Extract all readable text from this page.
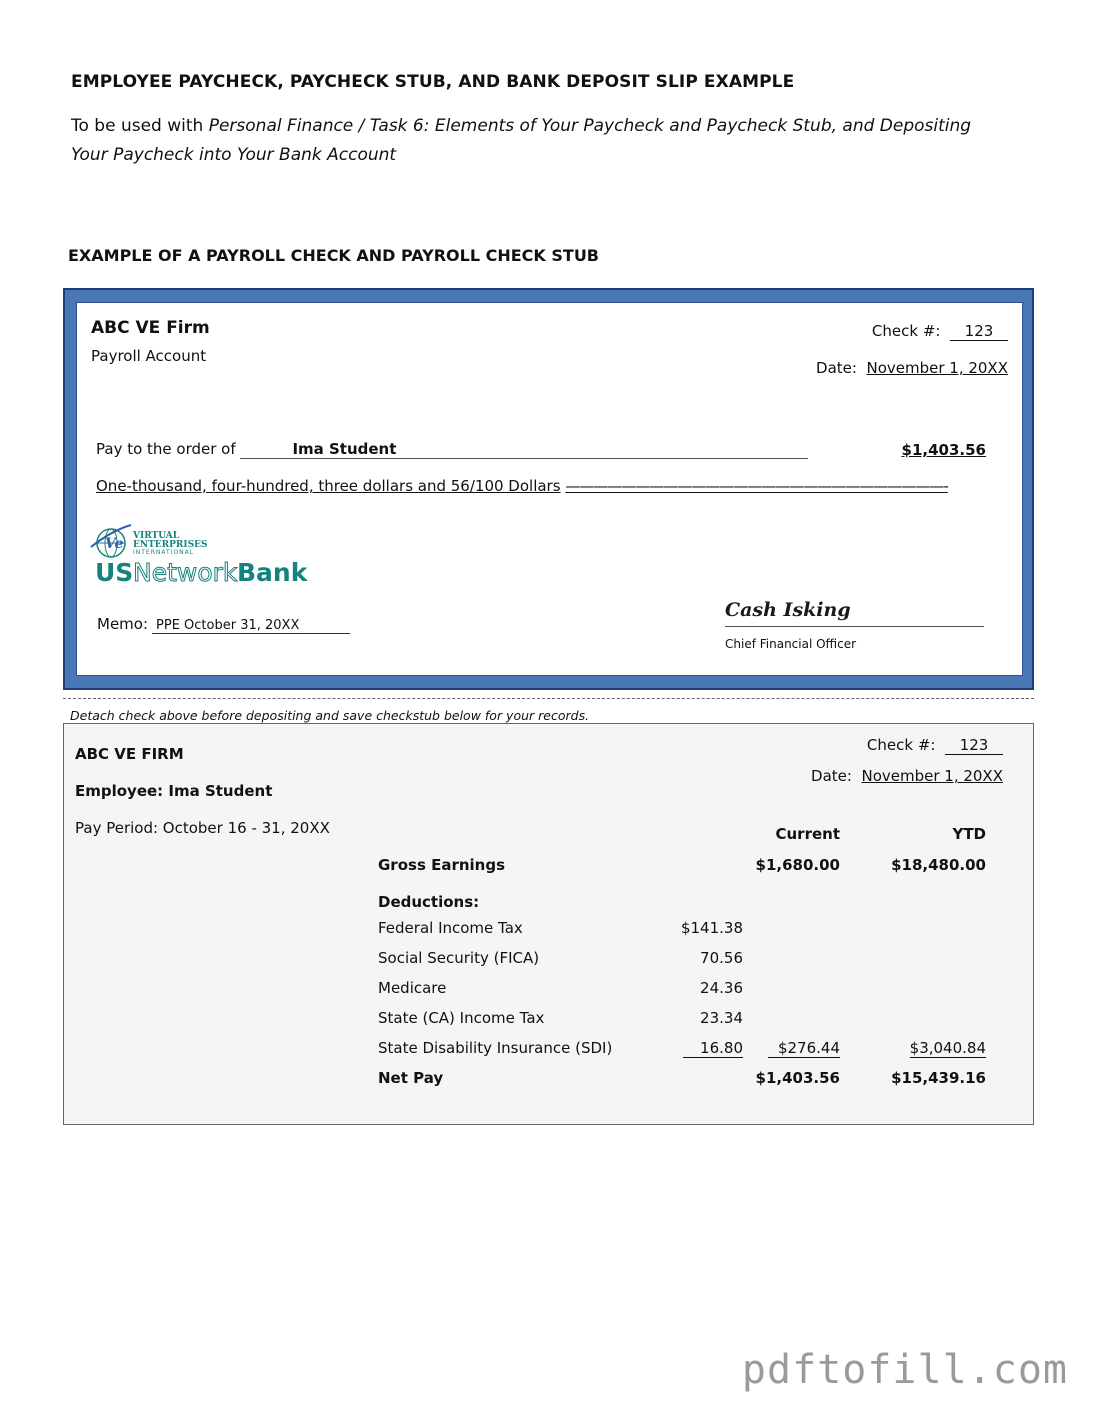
EMPLOYEE PAYCHECK, PAYCHECK STUB, AND BANK DEPOSIT SLIP EXAMPLE
To be used with Personal Finance / Task 6: Elements of Your Paycheck and Paycheck Stub, and Depositing Your Paycheck into Your Bank Account
EXAMPLE OF A PAYROLL CHECK AND PAYROLL CHECK STUB
ABC VE Firm
Payroll Account
Check #: 123
Date: November 1, 20XX
Pay to the order of	Ima Student	$1,403.56
One-thousand, four-hundred, three dollars and 56/100 Dollars ———————————————————————————-
Ve VIRTUAL
ENTERPRISES
INTERNATIONAL
US Network Bank
Memo: PPE October 31, 20XX
Cash Isking
Chief Financial Officer
Detach check above before depositing and save checkstub below for your records.
ABC VE FIRM
Employee: Ima Student
Pay Period: October 16 - 31, 20XX
Check #: 123
Date: November 1, 20XX
Current	YTD
Gross Earnings	$1,680.00	$18,480.00
Deductions:
Federal Income Tax	$141.38
Social Security (FICA)	70.56
Medicare	24.36
State (CA) Income Tax	23.34
State Disability Insurance (SDI)	16.80	$276.44	$3,040.84
Net Pay	$1,403.56	$15,439.16
pdftofill.com
